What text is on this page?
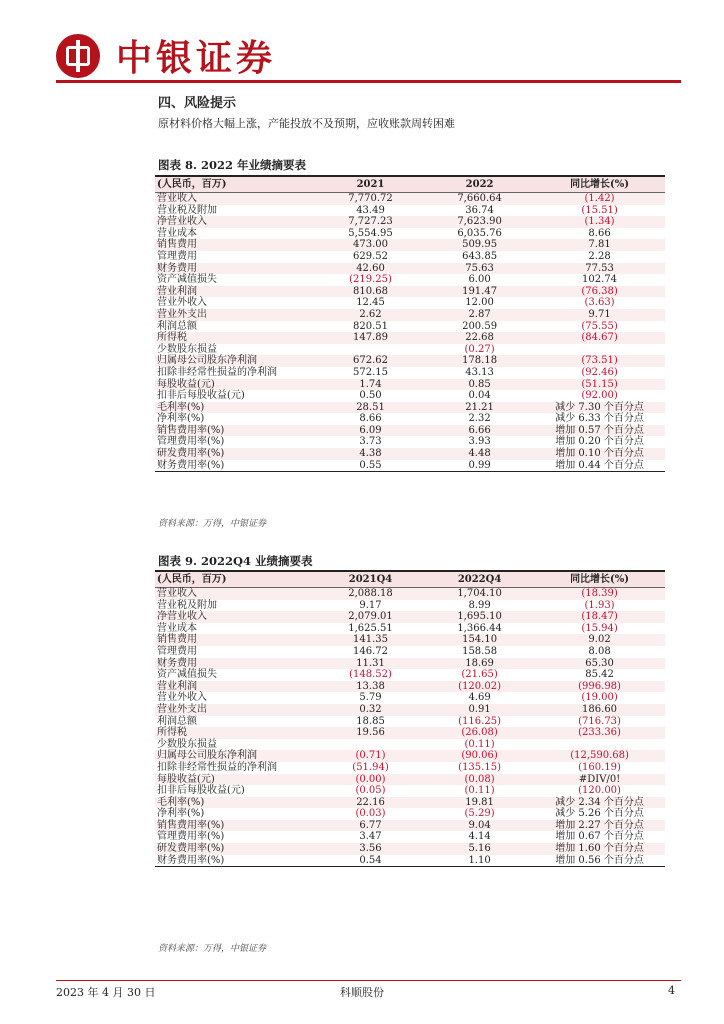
中银证券
四、风险提示
原材料价格大幅上涨，产能投放不及预期，应收账款周转困难
图表 8. 2022 年业绩摘要表
(人民币，百万)	2021	2022	同比增长(%)
营业收入	7,770.72	7,660.64	(1.42)
营业税及附加	43.49	36.74	(15.51)
净营业收入	7,727.23	7,623.90	(1.34)
营业成本	5,554.95	6,035.76	8.66
销售费用	473.00	509.95	7.81
管理费用	629.52	643.85	2.28
财务费用	42.60	75.63	77.53
资产减值损失	(219.25)	6.00	102.74
营业利润	810.68	191.47	(76.38)
营业外收入	12.45	12.00	(3.63)
营业外支出	2.62	2.87	9.71
利润总额	820.51	200.59	(75.55)
所得税	147.89	22.68	(84.67)
少数股东损益		(0.27)	
归属母公司股东净利润	672.62	178.18	(73.51)
扣除非经常性损益的净利润	572.15	43.13	(92.46)
每股收益(元)	1.74	0.85	(51.15)
扣非后每股收益(元)	0.50	0.04	(92.00)
毛利率(%)	28.51	21.21	减少 7.30 个百分点
净利率(%)	8.66	2.32	减少 6.33 个百分点
销售费用率(%)	6.09	6.66	增加 0.57 个百分点
管理费用率(%)	3.73	3.93	增加 0.20 个百分点
研发费用率(%)	4.38	4.48	增加 0.10 个百分点
财务费用率(%)	0.55	0.99	增加 0.44 个百分点
资料来源：万得，中银证券
图表 9. 2022Q4 业绩摘要表
(人民币，百万)	2021Q4	2022Q4	同比增长(%)
营业收入	2,088.18	1,704.10	(18.39)
营业税及附加	9.17	8.99	(1.93)
净营业收入	2,079.01	1,695.10	(18.47)
营业成本	1,625.51	1,366.44	(15.94)
销售费用	141.35	154.10	9.02
管理费用	146.72	158.58	8.08
财务费用	11.31	18.69	65.30
资产减值损失	(148.52)	(21.65)	85.42
营业利润	13.38	(120.02)	(996.98)
营业外收入	5.79	4.69	(19.00)
营业外支出	0.32	0.91	186.60
利润总额	18.85	(116.25)	(716.73)
所得税	19.56	(26.08)	(233.36)
少数股东损益		(0.11)	
归属母公司股东净利润	(0.71)	(90.06)	(12,590.68)
扣除非经常性损益的净利润	(51.94)	(135.15)	(160.19)
每股收益(元)	(0.00)	(0.08)	#DIV/0!
扣非后每股收益(元)	(0.05)	(0.11)	(120.00)
毛利率(%)	22.16	19.81	减少 2.34 个百分点
净利率(%)	(0.03)	(5.29)	减少 5.26 个百分点
销售费用率(%)	6.77	9.04	增加 2.27 个百分点
管理费用率(%)	3.47	4.14	增加 0.67 个百分点
研发费用率(%)	3.56	5.16	增加 1.60 个百分点
财务费用率(%)	0.54	1.10	增加 0.56 个百分点
资料来源：万得，中银证券
2023 年 4 月 30 日	科顺股份	4
